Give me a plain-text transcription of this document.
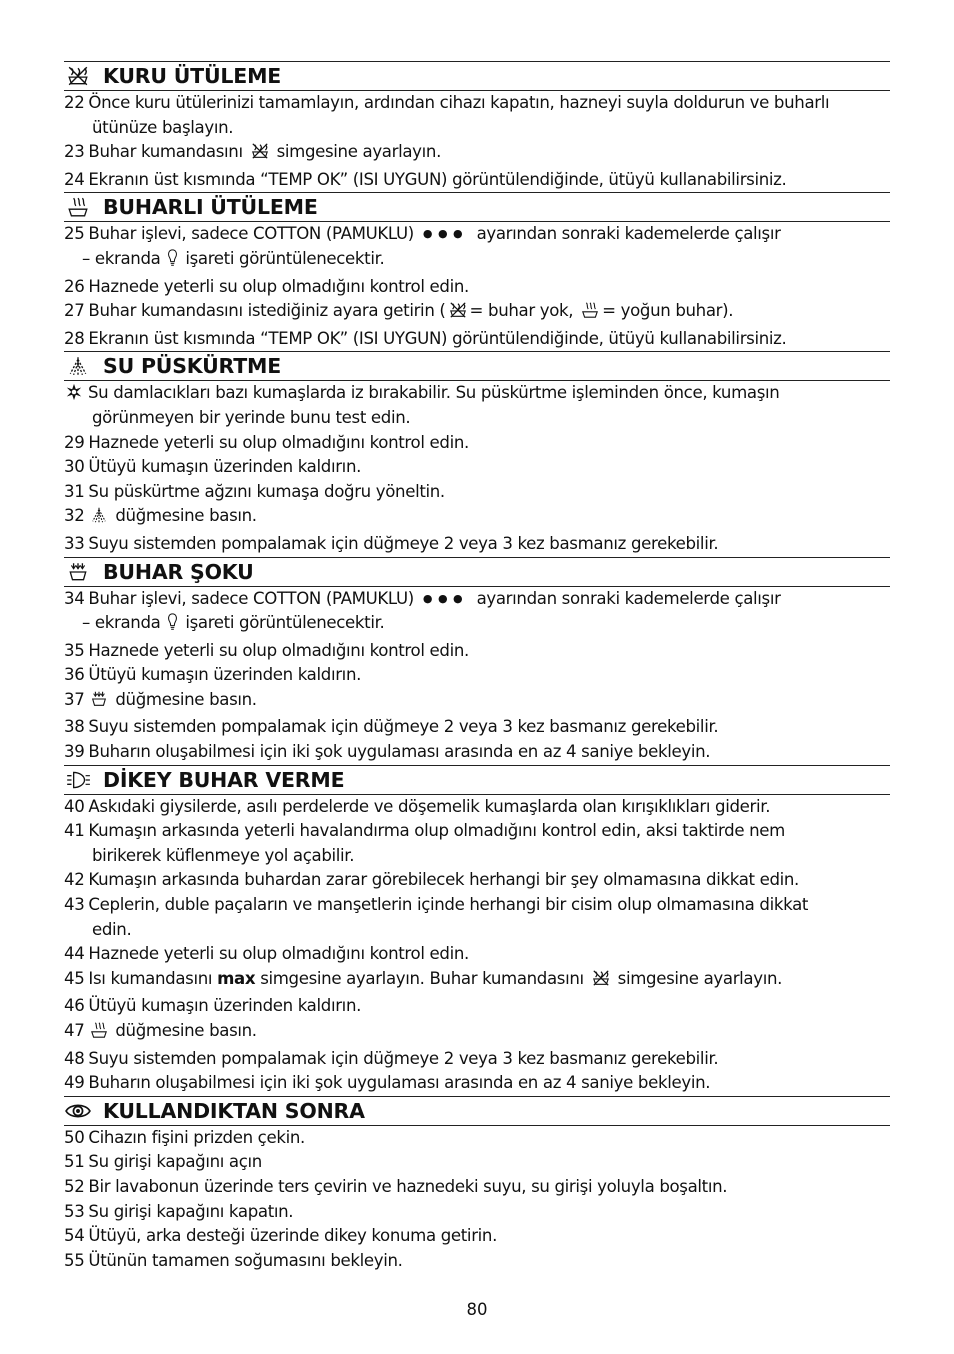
KURU ÜTÜLEME
22 Önce kuru ütülerinizi tamamlayın, ardından cihazı kapatın, hazneyi suyla doldurun ve buharlı
ütünüze başlayın.
23 Buhar kumandasını simgesine ayarlayın.
24 Ekranın üst kısmında “TEMP OK” (ISI UYGUN) görüntülendiğinde, ütüyü kullanabilirsiniz.
BUHARLI ÜTÜLEME
25 Buhar işlevi, sadece COTTON (PAMUKLU) ● ● ● ayarından sonraki kademelerde çalışır
– ekranda işareti görüntülenecektir.
26 Haznede yeterli su olup olmadığını kontrol edin.
27 Buhar kumandasını istediğiniz ayara getirin ( = buhar yok, = yoğun buhar).
28 Ekranın üst kısmında “TEMP OK” (ISI UYGUN) görüntülendiğinde, ütüyü kullanabilirsiniz.
SU PÜSKÜRTME
Su damlacıkları bazı kumaşlarda iz bırakabilir. Su püskürtme işleminden önce, kumaşın
görünmeyen bir yerinde bunu test edin.
29 Haznede yeterli su olup olmadığını kontrol edin.
30 Ütüyü kumaşın üzerinden kaldırın.
31 Su püskürtme ağzını kumaşa doğru yöneltin.
32	düğmesine basın.
33 Suyu sistemden pompalamak için düğmeye 2 veya 3 kez basmanız gerekebilir.
BUHAR ŞOKU
34 Buhar işlevi, sadece COTTON (PAMUKLU) ● ● ● ayarından sonraki kademelerde çalışır
– ekranda işareti görüntülenecektir.
35 Haznede yeterli su olup olmadığını kontrol edin.
36 Ütüyü kumaşın üzerinden kaldırın.
37	düğmesine basın.
38 Suyu sistemden pompalamak için düğmeye 2 veya 3 kez basmanız gerekebilir.
39 Buharın oluşabilmesi için iki şok uygulaması arasında en az 4 saniye bekleyin.
DİKEY BUHAR VERME
40 Askıdaki giysilerde, asılı perdelerde ve döşemelik kumaşlarda olan kırışıklıkları giderir.
41 Kumaşın arkasında yeterli havalandırma olup olmadığını kontrol edin, aksi taktirde nem
birikerek küflenmeye yol açabilir.
42 Kumaşın arkasında buhardan zarar görebilecek herhangi bir şey olmamasına dikkat edin.
43 Ceplerin, duble paçaların ve manşetlerin içinde herhangi bir cisim olup olmamasına dikkat
edin.
44 Haznede yeterli su olup olmadığını kontrol edin.
45 Isı kumandasını max simgesine ayarlayın. Buhar kumandasını simgesine ayarlayın.
46 Ütüyü kumaşın üzerinden kaldırın.
47	düğmesine basın.
48 Suyu sistemden pompalamak için düğmeye 2 veya 3 kez basmanız gerekebilir.
49 Buharın oluşabilmesi için iki şok uygulaması arasında en az 4 saniye bekleyin.
KULLANDIKTAN SONRA
50 Cihazın fişini prizden çekin.
51 Su girişi kapağını açın
52 Bir lavabonun üzerinde ters çevirin ve haznedeki suyu, su girişi yoluyla boşaltın.
53 Su girişi kapağını kapatın.
54 Ütüyü, arka desteği üzerinde dikey konuma getirin.
55 Ütünün tamamen soğumasını bekleyin.
80
